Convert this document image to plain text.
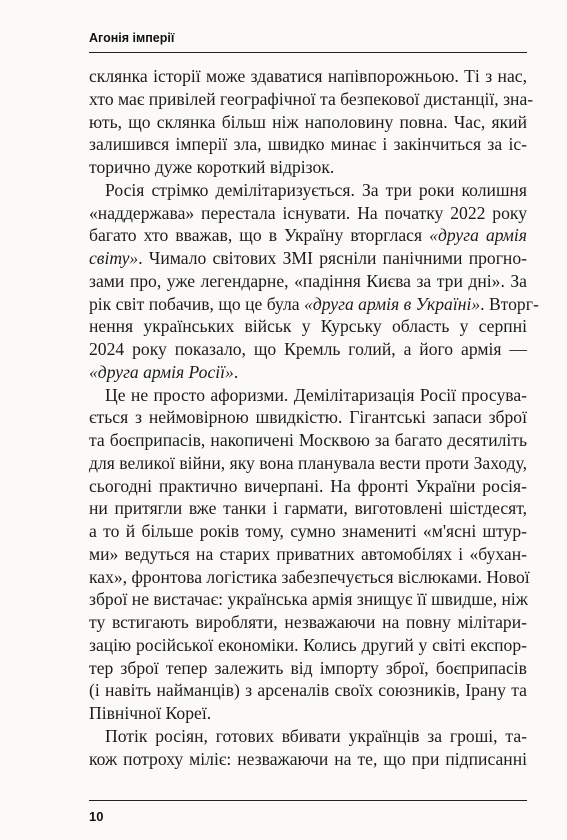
Агонія імперії
склянка історії може здаватися напівпорожньою. Ті з нас,
хто має привілей географічної та безпекової дистанції, зна-
ють, що склянка більш ніж наполовину повна. Час, який
залишився імперії зла, швидко минає і закінчиться за іс-
торично дуже короткий відрізок.
Росія стрімко демілітаризується. За три роки колишня
«наддержава» перестала існувати. На початку 2022 року
багато хто вважав, що в Україну вторглася «друга армія
світу». Чимало світових ЗМІ рясніли панічними прогно-
зами про, уже легендарне, «падіння Києва за три дні». За
рік світ побачив, що це була «друга армія в Україні». Вторг-
нення українських військ у Курську область у серпні
2024 року показало, що Кремль голий, а його армія —
«друга армія Росії».
Це не просто афоризми. Демілітаризація Росії просува-
ється з неймовірною швидкістю. Гігантські запаси зброї
та боєприпасів, накопичені Москвою за багато десятиліть
для великої війни, яку вона планувала вести проти Заходу,
сьогодні практично вичерпані. На фронті України росія-
ни притягли вже танки і гармати, виготовлені шістдесят,
а то й більше років тому, сумно знамениті «м'ясні штур-
ми» ведуться на старих приватних автомобілях і «бухан-
ках», фронтова логістика забезпечується віслюками. Нової
зброї не вистачає: українська армія знищує її швидше, ніж
ту встигають виробляти, незважаючи на повну мілітари-
зацію російської економіки. Колись другий у світі експор-
тер зброї тепер залежить від імпорту зброї, боєприпасів
(і навіть найманців) з арсеналів своїх союзників, Ірану та
Північної Кореї.
Потік росіян, готових вбивати українців за гроші, та-
кож потроху міліє: незважаючи на те, що при підписанні
10
